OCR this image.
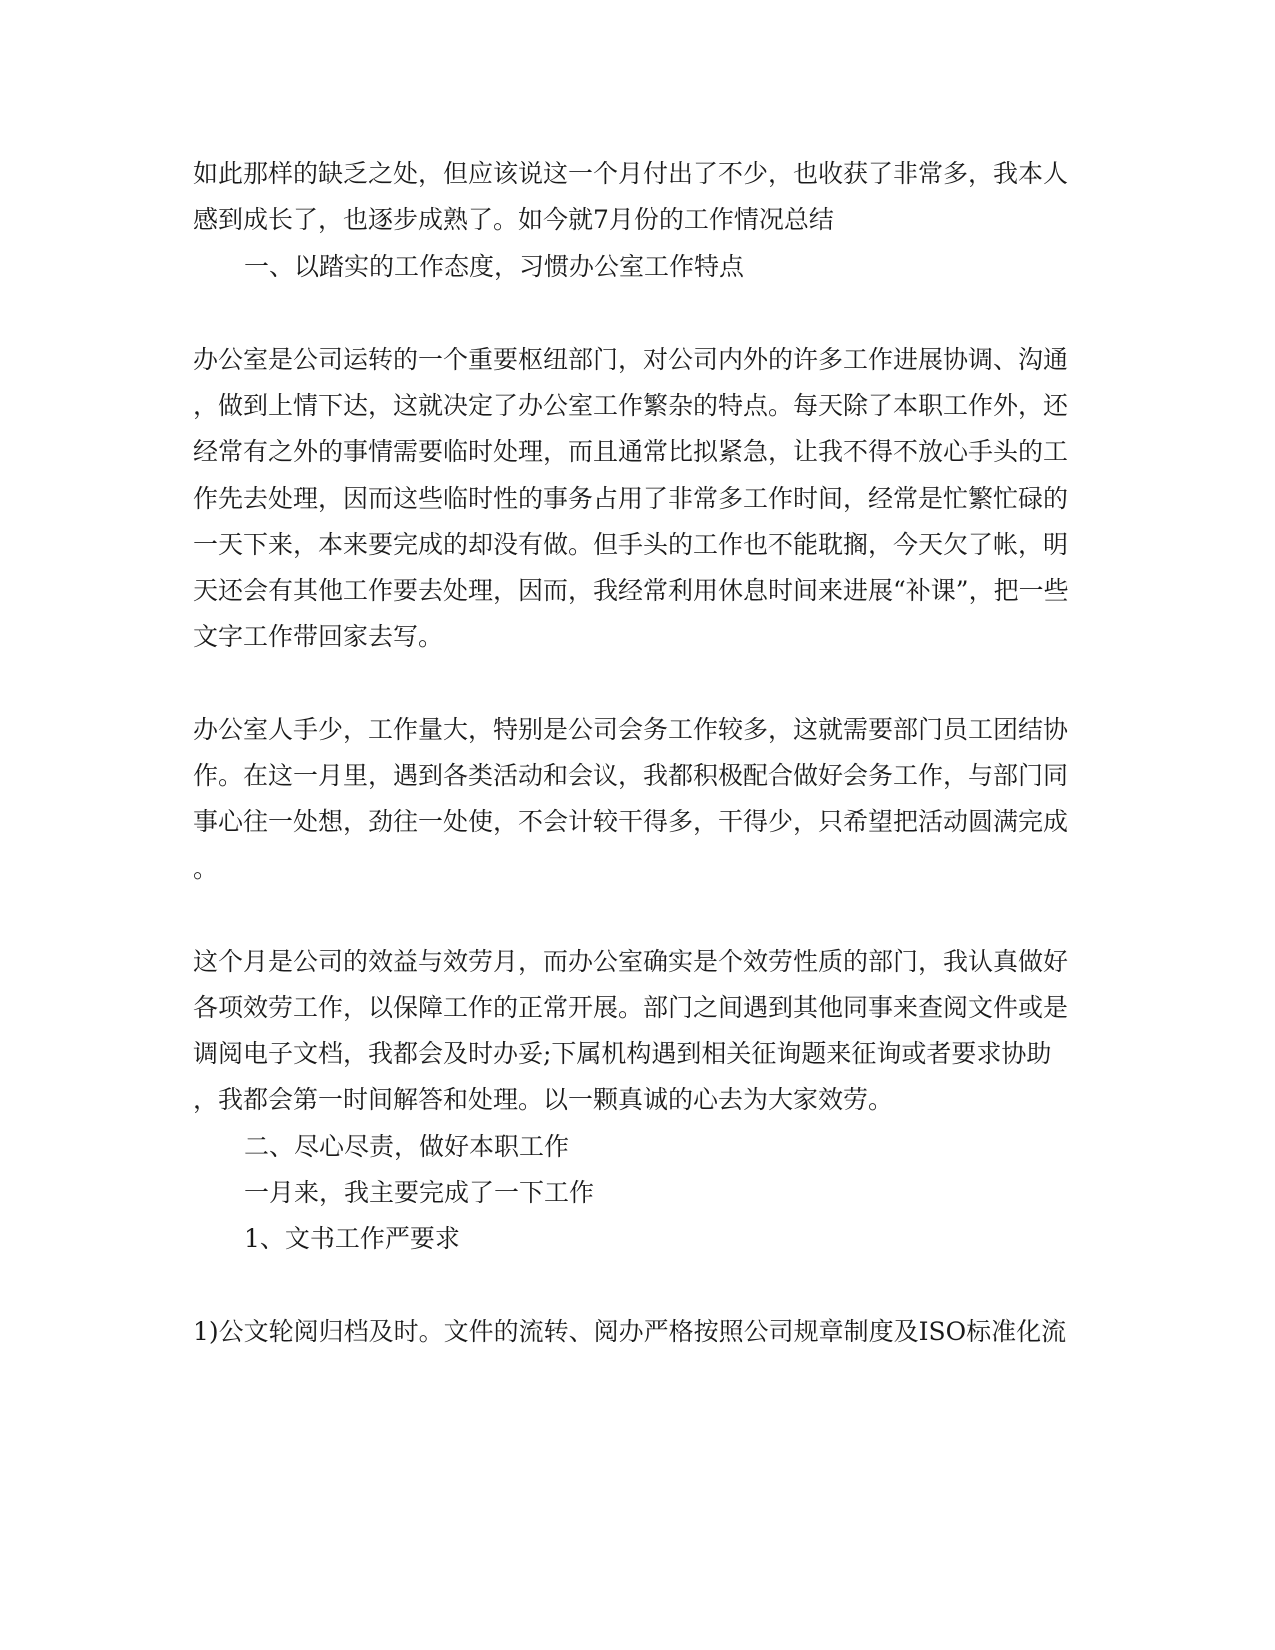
如此那样的缺乏之处，但应该说这一个月付出了不少，也收获了非常多，我本人
感到成长了，也逐步成熟了。如今就7月份的工作情况总结
一、以踏实的工作态度，习惯办公室工作特点
办公室是公司运转的一个重要枢纽部门，对公司内外的许多工作进展协调、沟通
，做到上情下达，这就决定了办公室工作繁杂的特点。每天除了本职工作外，还
经常有之外的事情需要临时处理，而且通常比拟紧急，让我不得不放心手头的工
作先去处理，因而这些临时性的事务占用了非常多工作时间，经常是忙繁忙碌的
一天下来，本来要完成的却没有做。但手头的工作也不能耽搁，今天欠了帐，明
天还会有其他工作要去处理，因而，我经常利用休息时间来进展“补课”，把一些
文字工作带回家去写。
办公室人手少，工作量大，特别是公司会务工作较多，这就需要部门员工团结协
作。在这一月里，遇到各类活动和会议，我都积极配合做好会务工作，与部门同
事心往一处想，劲往一处使，不会计较干得多，干得少，只希望把活动圆满完成
。
这个月是公司的效益与效劳月，而办公室确实是个效劳性质的部门，我认真做好
各项效劳工作，以保障工作的正常开展。部门之间遇到其他同事来查阅文件或是
调阅电子文档，我都会及时办妥;下属机构遇到相关征询题来征询或者要求协助
，我都会第一时间解答和处理。以一颗真诚的心去为大家效劳。
二、尽心尽责，做好本职工作
一月来，我主要完成了一下工作
1、文书工作严要求
1)公文轮阅归档及时。文件的流转、阅办严格按照公司规章制度及ISO标准化流
